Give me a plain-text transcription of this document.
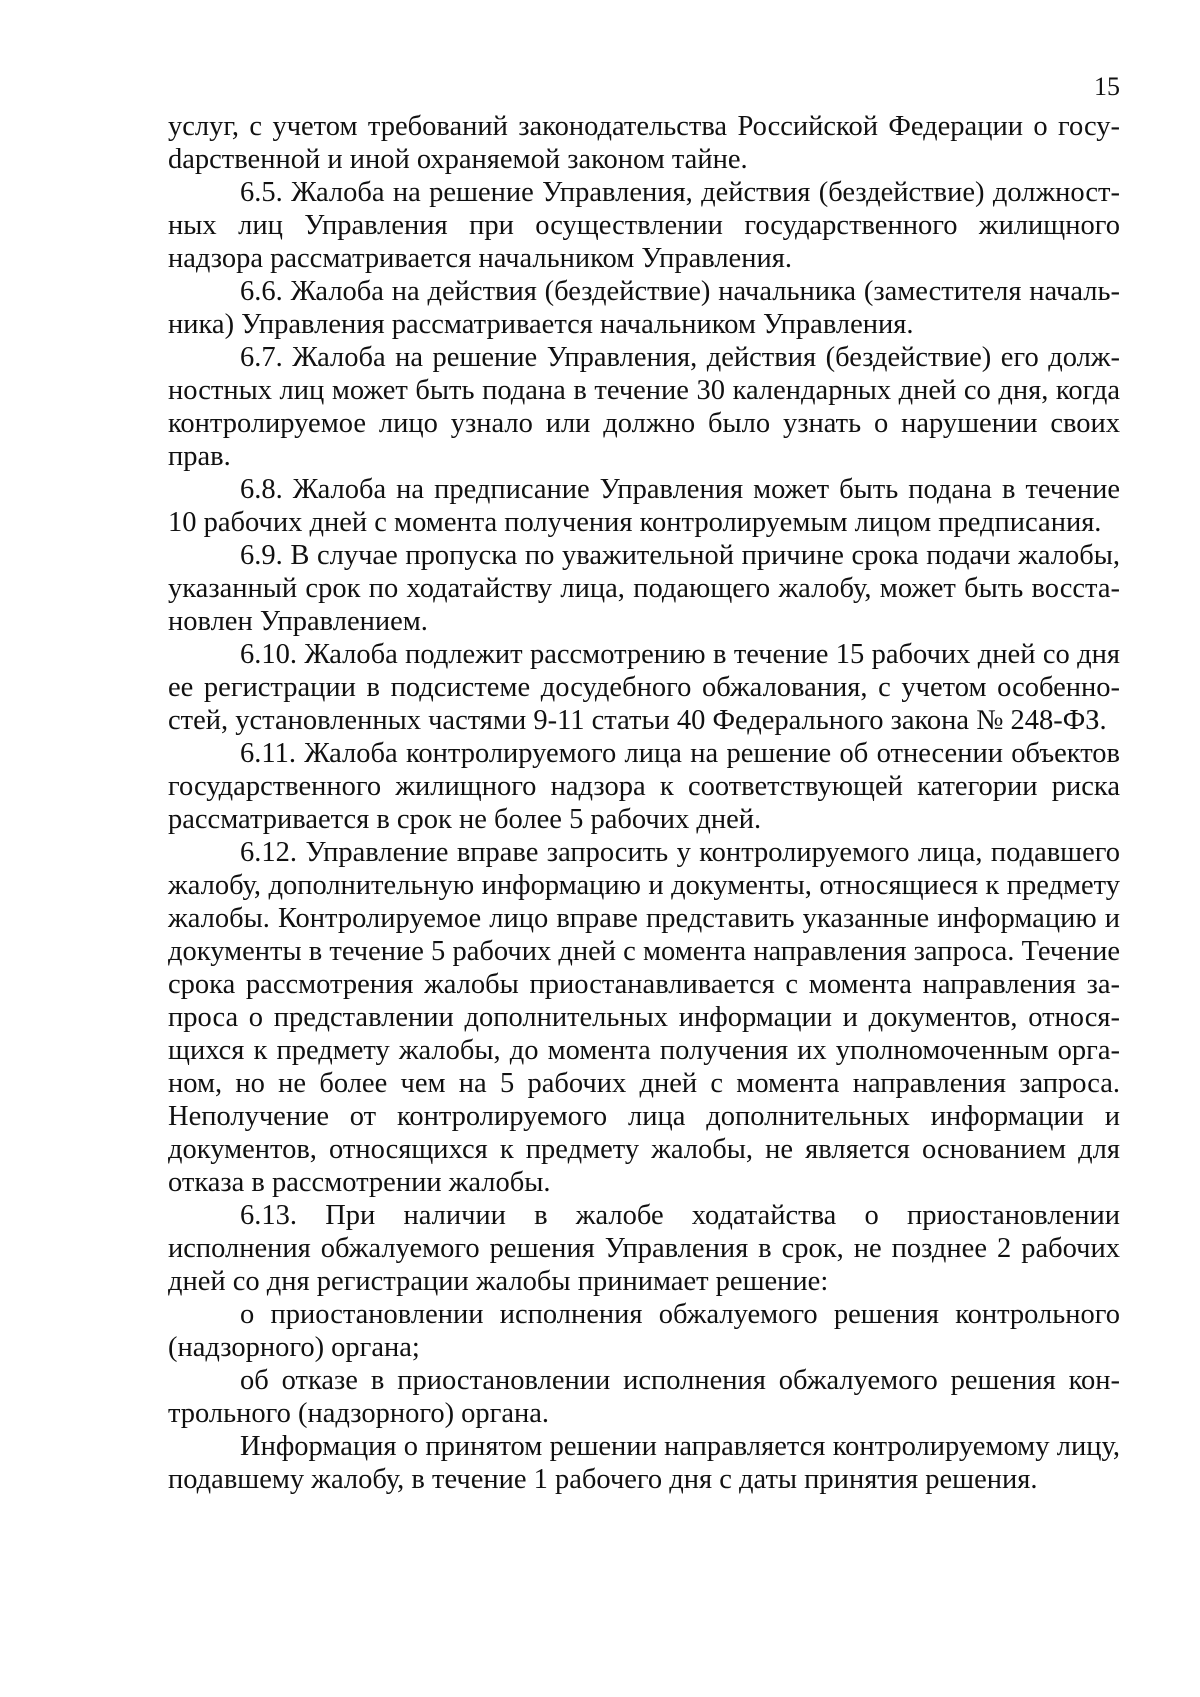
15

услуг, с учетом требований законодательства Российской Федерации о госуdарственной и иной охраняемой законом тайне.

6.5. Жалоба на решение Управления, действия (бездействие) должностных лиц Управления при осуществлении государственного жилищного надзора рассматривается начальником Управления.

6.6. Жалоба на действия (бездействие) начальника (заместителя начальника) Управления рассматривается начальником Управления.

6.7. Жалоба на решение Управления, действия (бездействие) его должностных лиц может быть подана в течение 30 календарных дней со дня, когда контролируемое лицо узнало или должно было узнать о нарушении своих прав.

6.8. Жалоба на предписание Управления может быть подана в течение 10 рабочих дней с момента получения контролируемым лицом предписания.

6.9. В случае пропуска по уважительной причине срока подачи жалобы, указанный срок по ходатайству лица, подающего жалобу, может быть восстановлен Управлением.

6.10. Жалоба подлежит рассмотрению в течение 15 рабочих дней со дня ее регистрации в подсистеме досудебного обжалования, с учетом особенностей, установленных частями 9-11 статьи 40 Федерального закона № 248-ФЗ.

6.11. Жалоба контролируемого лица на решение об отнесении объектов государственного жилищного надзора к соответствующей категории риска рассматривается в срок не более 5 рабочих дней.

6.12. Управление вправе запросить у контролируемого лица, подавшего жалобу, дополнительную информацию и документы, относящиеся к предмету жалобы. Контролируемое лицо вправе представить указанные информацию и документы в течение 5 рабочих дней с момента направления запроса. Течение срока рассмотрения жалобы приостанавливается с момента направления запроса о представлении дополнительных информации и документов, относящихся к предмету жалобы, до момента получения их уполномоченным органом, но не более чем на 5 рабочих дней с момента направления запроса. Неполучение от контролируемого лица дополнительных информации и документов, относящихся к предмету жалобы, не является основанием для отказа в рассмотрении жалобы.

6.13. При наличии в жалобе ходатайства о приостановлении исполнения обжалуемого решения Управления в срок, не позднее 2 рабочих дней со дня регистрации жалобы принимает решение:

о приостановлении исполнения обжалуемого решения контрольного (надзорного) органа;

об отказе в приостановлении исполнения обжалуемого решения контрольного (надзорного) органа.

Информация о принятом решении направляется контролируемому лицу, подавшему жалобу, в течение 1 рабочего дня с даты принятия решения.
